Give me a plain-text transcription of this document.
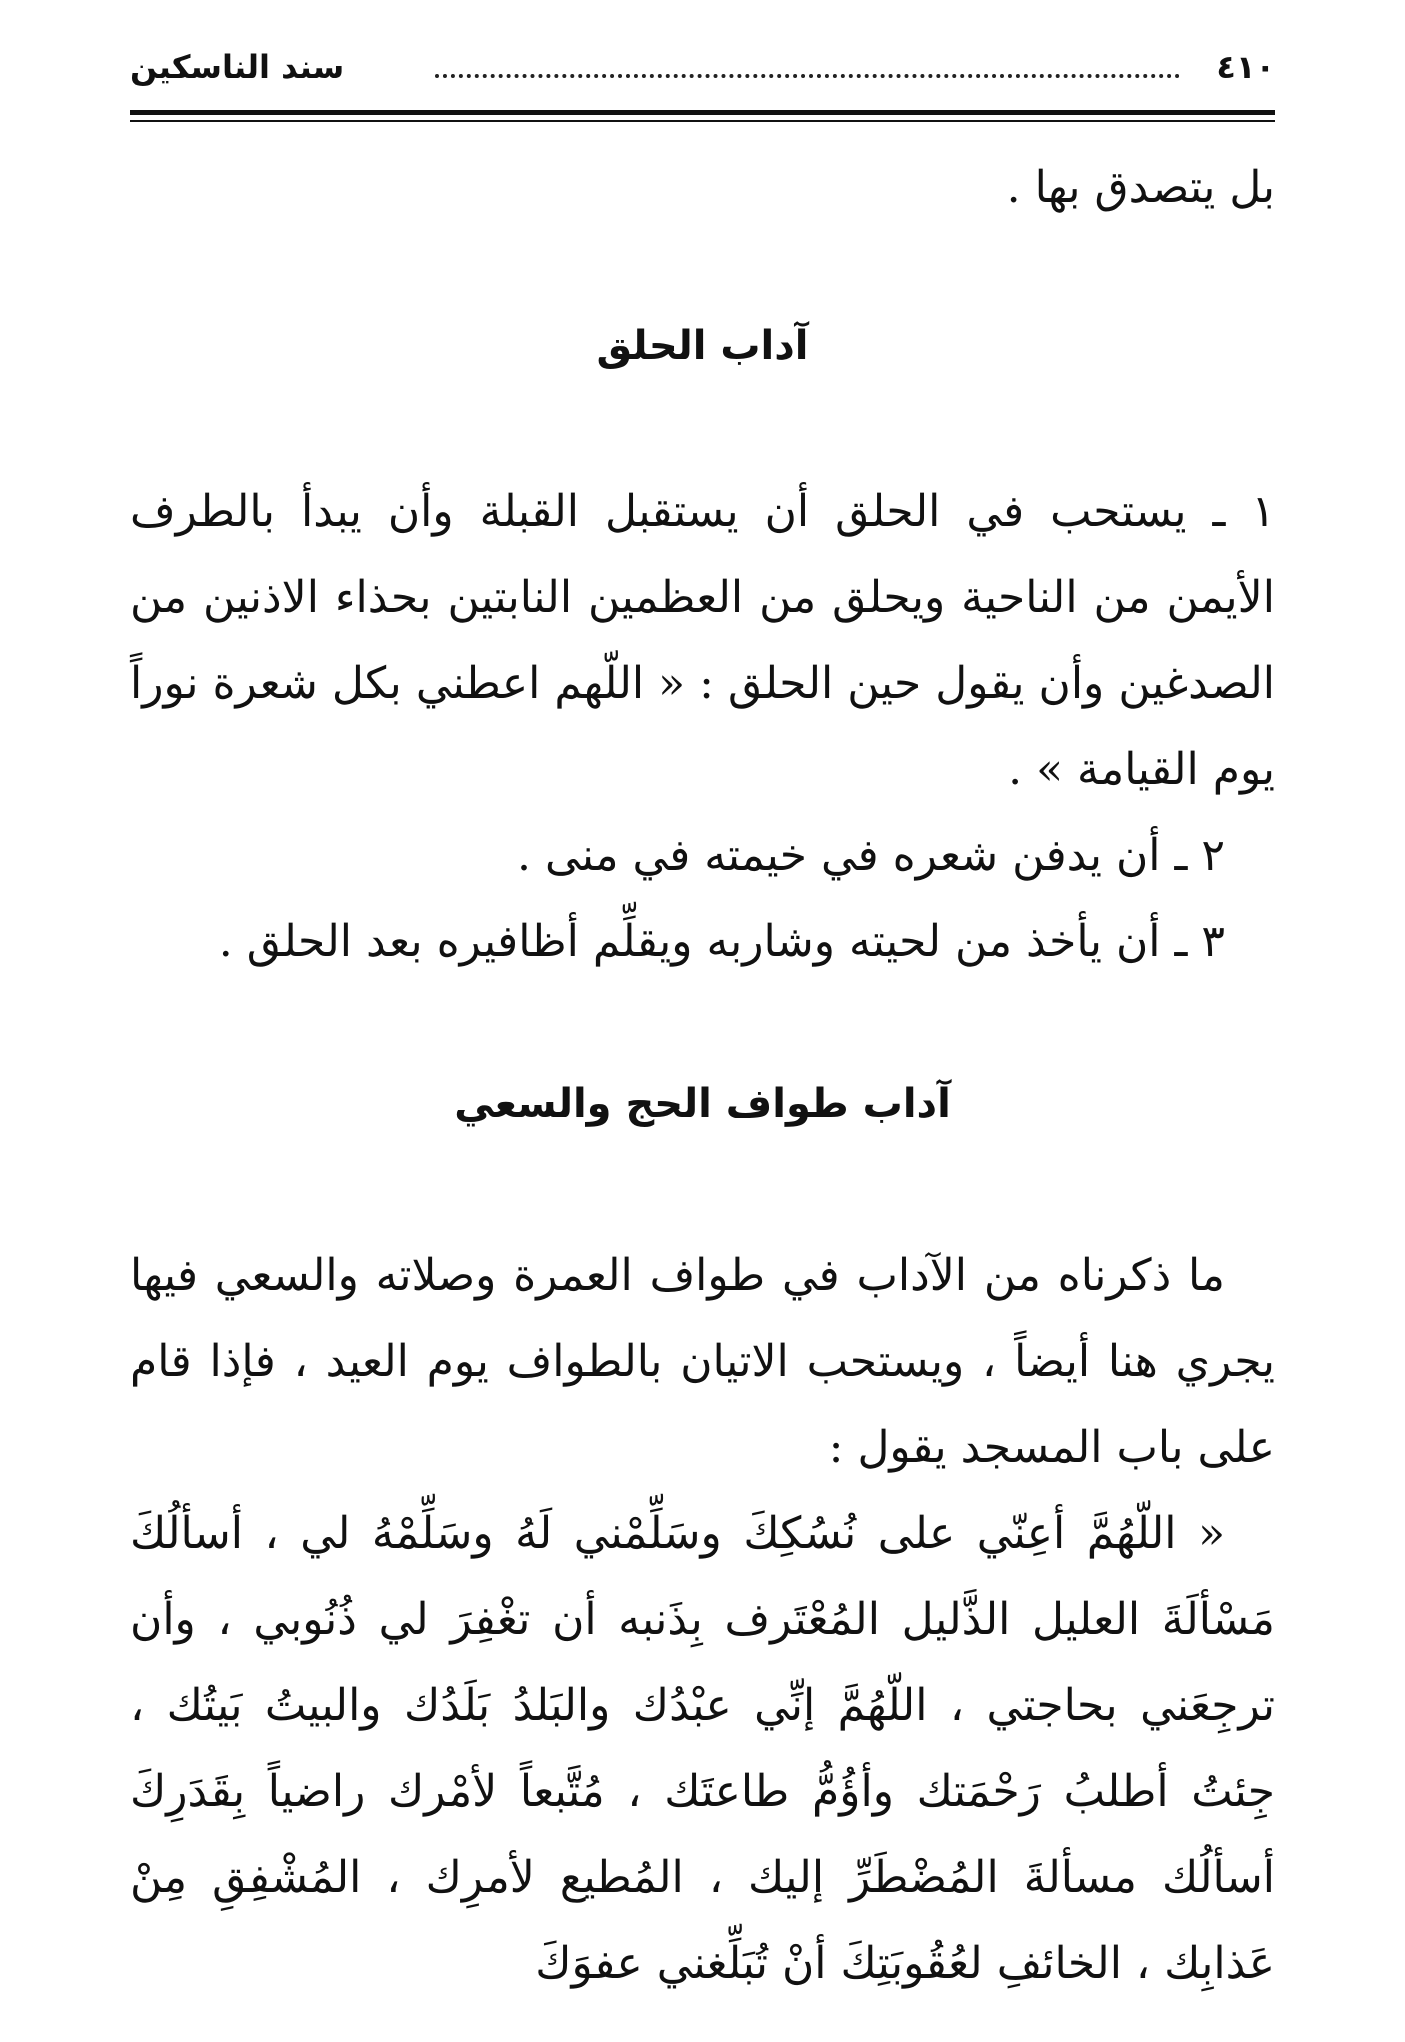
٤١٠
سند الناسكين

بل يتصدق بها .

آداب الحلق

١ ـ يستحب في الحلق أن يستقبل القبلة وأن يبدأ بالطرف الأيمن من الناحية ويحلق من العظمين النابتين بحذاء الاذنين من الصدغين وأن يقول حين الحلق : « اللّهم اعطني بكل شعرة نوراً يوم القيامة » .

٢ ـ أن يدفن شعره في خيمته في منى .

٣ ـ أن يأخذ من لحيته وشاربه ويقلِّم أظافيره بعد الحلق .

آداب طواف الحج والسعي

ما ذكرناه من الآداب في طواف العمرة وصلاته والسعي فيها يجري هنا أيضاً ، ويستحب الاتيان بالطواف يوم العيد ، فإذا قام على باب المسجد يقول :

« اللّهُمَّ أعِنّي على نُسُكِكَ وسَلِّمْني لَهُ وسَلِّمْهُ لي ، أسألُكَ مَسْألَةَ العليل الذَّليل المُعْتَرف بِذَنبه أن تغْفِرَ لي ذُنُوبي ، وأن ترجِعَني بحاجتي ، اللّهُمَّ إنِّي عبْدُك والبَلدُ بَلَدُك والبيتُ بَيتُك ، جِئتُ أطلبُ رَحْمَتك وأؤُمُّ طاعتَك ، مُتَّبعاً لأمْرك راضياً بِقَدَرِكَ أسألُك مسألةَ المُضْطَرِّ إليك ، المُطيع لأمرِك ، المُشْفِقِ مِنْ عَذابِك ، الخائفِ لعُقُوبَتِكَ أنْ تُبَلِّغني عفوَكَ
